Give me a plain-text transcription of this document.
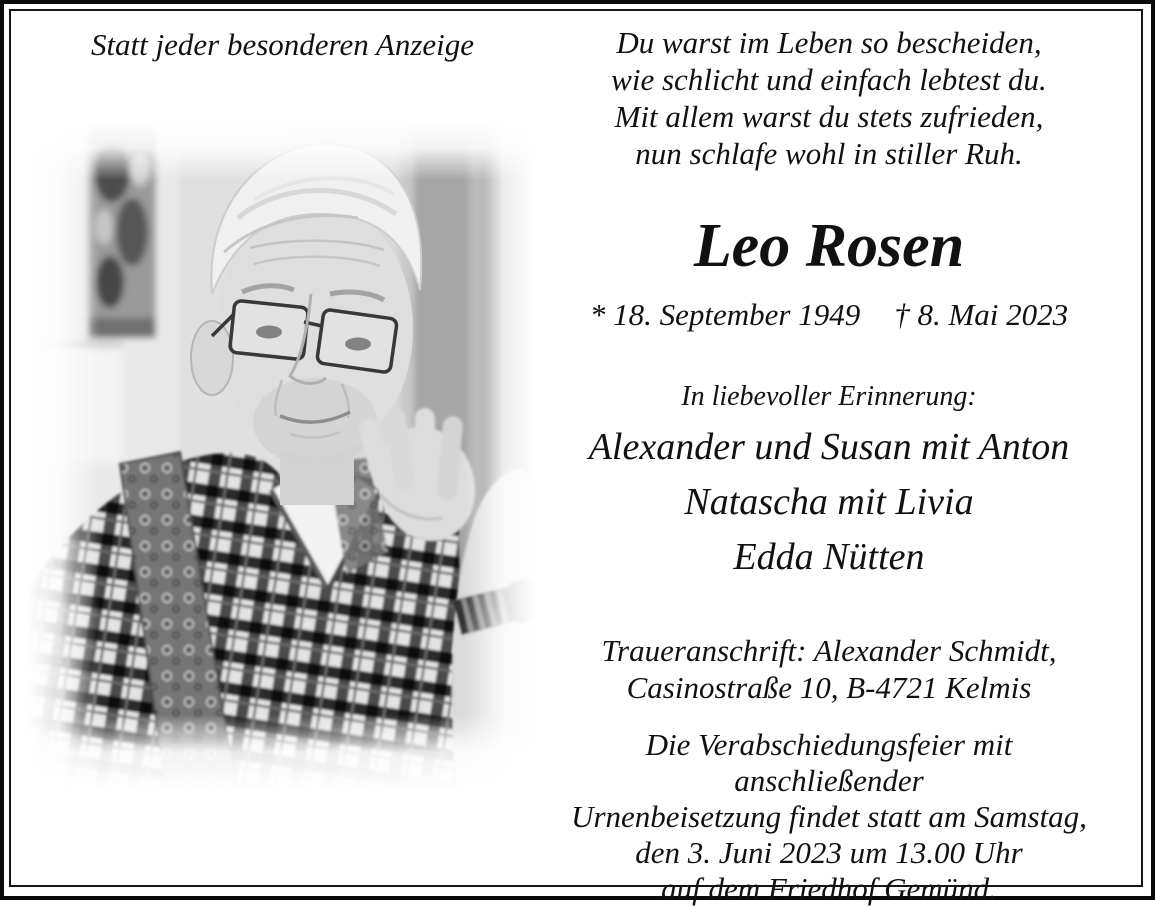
Statt jeder besonderen Anzeige	Du warst im Leben so bescheiden,
wie schlicht und einfach lebtest du.
Mit allem warst du stets zufrieden,
nun schlafe wohl in stiller Ruh.
Leo Rosen
* 18. September 1949 † 8. Mai 2023
In liebevoller Erinnerung:
Alexander und Susan mit Anton
Natascha mit Livia
Edda Nütten
Traueranschrift: Alexander Schmidt,
Casinostraße 10, B-4721 Kelmis
Die Verabschiedungsfeier mit anschließender
Urnenbeisetzung findet statt am Samstag,
den 3. Juni 2023 um 13.00 Uhr
auf dem Friedhof Gemünd.
